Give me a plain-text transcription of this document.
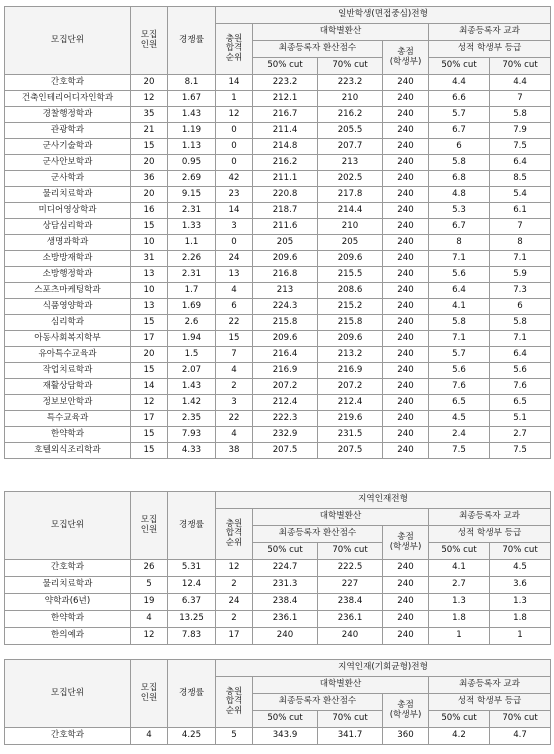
모집단위	모집
인원	경쟁률	일반학생(면접중심)전형					
			충원
합격
순위	대학별환산			최종등록자 교과	
				최종등록자 환산점수		총점
(학생부)	성적 학생부 등급	
				50% cut	70% cut		50% cut	70% cut
간호학과	20	8.1	14	223.2	223.2	240	4.4	4.4
건축인테리어디자인학과	12	1.67	1	212.1	210	240	6.6	7
경찰행정학과	35	1.43	12	216.7	216.2	240	5.7	5.8
관광학과	21	1.19	0	211.4	205.5	240	6.7	7.9
군사기술학과	15	1.13	0	214.8	207.7	240	6	7.5
군사안보학과	20	0.95	0	216.2	213	240	5.8	6.4
군사학과	36	2.69	42	211.1	202.5	240	6.8	8.5
물리치료학과	20	9.15	23	220.8	217.8	240	4.8	5.4
미디어영상학과	16	2.31	14	218.7	214.4	240	5.3	6.1
상담심리학과	15	1.33	3	211.6	210	240	6.7	7
생명과학과	10	1.1	0	205	205	240	8	8
소방방재학과	31	2.26	24	209.6	209.6	240	7.1	7.1
소방행정학과	13	2.31	13	216.8	215.5	240	5.6	5.9
스포츠마케팅학과	10	1.7	4	213	208.6	240	6.4	7.3
식품영양학과	13	1.69	6	224.3	215.2	240	4.1	6
심리학과	15	2.6	22	215.8	215.8	240	5.8	5.8
아동사회복지학부	17	1.94	15	209.6	209.6	240	7.1	7.1
유아특수교육과	20	1.5	7	216.4	213.2	240	5.7	6.4
작업치료학과	15	2.07	4	216.9	216.9	240	5.6	5.6
재활상담학과	14	1.43	2	207.2	207.2	240	7.6	7.6
정보보안학과	12	1.42	3	212.4	212.4	240	6.5	6.5
특수교육과	17	2.35	22	222.3	219.6	240	4.5	5.1
한약학과	15	7.93	4	232.9	231.5	240	2.4	2.7
호텔외식조리학과	15	4.33	38	207.5	207.5	240	7.5	7.5
모집단위	모집
인원	경쟁률	지역인재전형					
			충원
합격
순위	대학별환산			최종등록자 교과	
				최종등록자 환산점수		총점
(학생부)	성적 학생부 등급	
				50% cut	70% cut		50% cut	70% cut
간호학과	26	5.31	12	224.7	222.5	240	4.1	4.5
물리치료학과	5	12.4	2	231.3	227	240	2.7	3.6
약학과(6년)	19	6.37	24	238.4	238.4	240	1.3	1.3
한약학과	4	13.25	2	236.1	236.1	240	1.8	1.8
한의예과	12	7.83	17	240	240	240	1	1
모집단위	모집
인원	경쟁률	지역인재(기회균형)전형					
			충원
합격
순위	대학별환산			최종등록자 교과	
				최종등록자 환산점수		총점
(학생부)	성적 학생부 등급	
				50% cut	70% cut		50% cut	70% cut
간호학과	4	4.25	5	343.9	341.7	360	4.2	4.7
